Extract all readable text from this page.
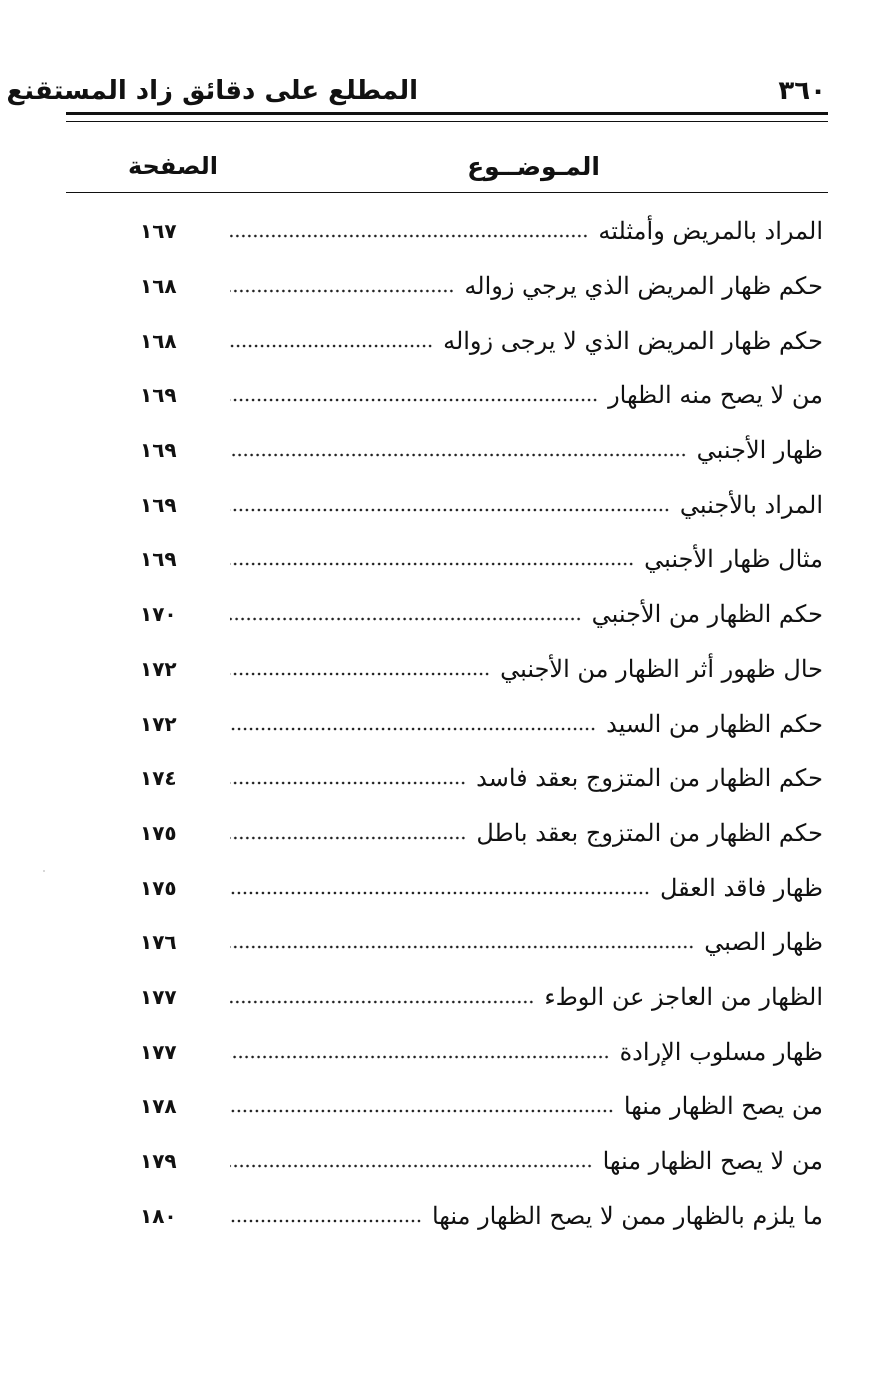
٣٦٠
المطلع على دقائق زاد المستقنع
المـوضــوع
الصفحة
المراد بالمريض وأمثلته
١٦٧
حكم ظهار المريض الذي يرجي زواله
١٦٨
حكم ظهار المريض الذي لا يرجى زواله
١٦٨
من لا يصح منه الظهار
١٦٩
ظهار الأجنبي
١٦٩
المراد بالأجنبي
١٦٩
مثال ظهار الأجنبي
١٦٩
حكم الظهار من الأجنبي
١٧٠
حال ظهور أثر الظهار من الأجنبي
١٧٢
حكم الظهار من السيد
١٧٢
حكم الظهار من المتزوج بعقد فاسد
١٧٤
حكم الظهار من المتزوج بعقد باطل
١٧٥
ظهار فاقد العقل
١٧٥
ظهار الصبي
١٧٦
الظهار من العاجز عن الوطء
١٧٧
ظهار مسلوب الإرادة
١٧٧
من يصح الظهار منها
١٧٨
من لا يصح الظهار منها
١٧٩
ما يلزم بالظهار ممن لا يصح الظهار منها
١٨٠
